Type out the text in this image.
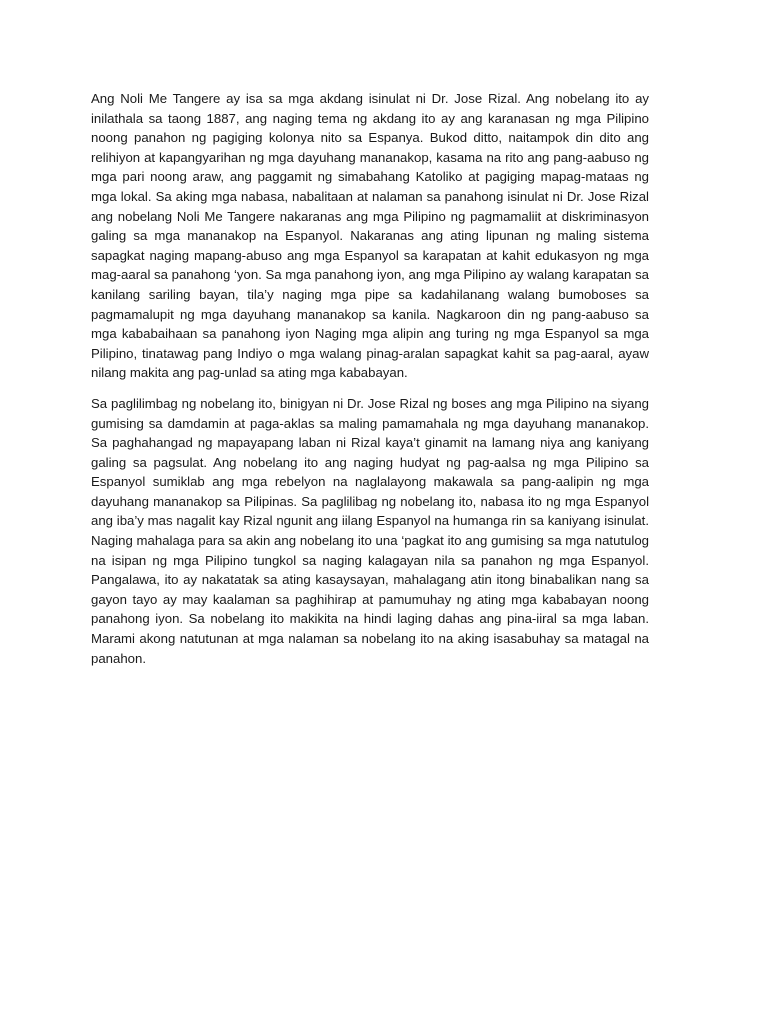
Ang Noli Me Tangere ay isa sa mga akdang isinulat ni Dr. Jose Rizal. Ang nobelang ito ay inilathala sa taong 1887, ang naging tema ng akdang ito ay ang karanasan ng mga Pilipino noong panahon ng pagiging kolonya nito sa Espanya. Bukod ditto, naitampok din dito ang relihiyon at kapangyarihan ng mga dayuhang mananakop, kasama na rito ang pang-aabuso ng mga pari noong araw, ang paggamit ng simabahang Katoliko at pagiging mapag-mataas ng mga lokal. Sa aking mga nabasa, nabalitaan at nalaman sa panahong isinulat ni Dr. Jose Rizal ang nobelang Noli Me Tangere nakaranas ang mga Pilipino ng pagmamaliit at diskriminasyon galing sa mga mananakop na Espanyol. Nakaranas ang ating lipunan ng maling sistema sapagkat naging mapang-abuso ang mga Espanyol sa karapatan at kahit edukasyon ng mga mag-aaral sa panahong ‘yon. Sa mga panahong iyon, ang mga Pilipino ay walang karapatan sa kanilang sariling bayan, tila’y naging mga pipe sa kadahilanang walang bumoboses sa pagmamalupit ng mga dayuhang mananakop sa kanila. Nagkaroon din ng pang-aabuso sa mga kababaihaan sa panahong iyon Naging mga alipin ang turing ng mga Espanyol sa mga Pilipino, tinatawag pang Indiyo o mga walang pinag-aralan sapagkat kahit sa pag-aaral, ayaw nilang makita ang pag-unlad sa ating mga kababayan.

Sa paglilimbag ng nobelang ito, binigyan ni Dr. Jose Rizal ng boses ang mga Pilipino na siyang gumising sa damdamin at paga-aklas sa maling pamamahala ng mga dayuhang mananakop. Sa paghahangad ng mapayapang laban ni Rizal kaya’t ginamit na lamang niya ang kaniyang galing sa pagsulat. Ang nobelang ito ang naging hudyat ng pag-aalsa ng mga Pilipino sa Espanyol sumiklab ang mga rebelyon na naglalayong makawala sa pang-aalipin ng mga dayuhang mananakop sa Pilipinas. Sa paglilibag ng nobelang ito, nabasa ito ng mga Espanyol ang iba’y mas nagalit kay Rizal ngunit ang iilang Espanyol na humanga rin sa kaniyang isinulat. Naging mahalaga para sa akin ang nobelang ito una ‘pagkat ito ang gumising sa mga natutulog na isipan ng mga Pilipino tungkol sa naging kalagayan nila sa panahon ng mga Espanyol. Pangalawa, ito ay nakatatak sa ating kasaysayan, mahalagang atin itong binabalikan nang sa gayon tayo ay may kaalaman sa paghihirap at pamumuhay ng ating mga kababayan noong panahong iyon. Sa nobelang ito makikita na hindi laging dahas ang pina-iiral sa mga laban. Marami akong natutunan at mga nalaman sa nobelang ito na aking isasabuhay sa matagal na panahon.
